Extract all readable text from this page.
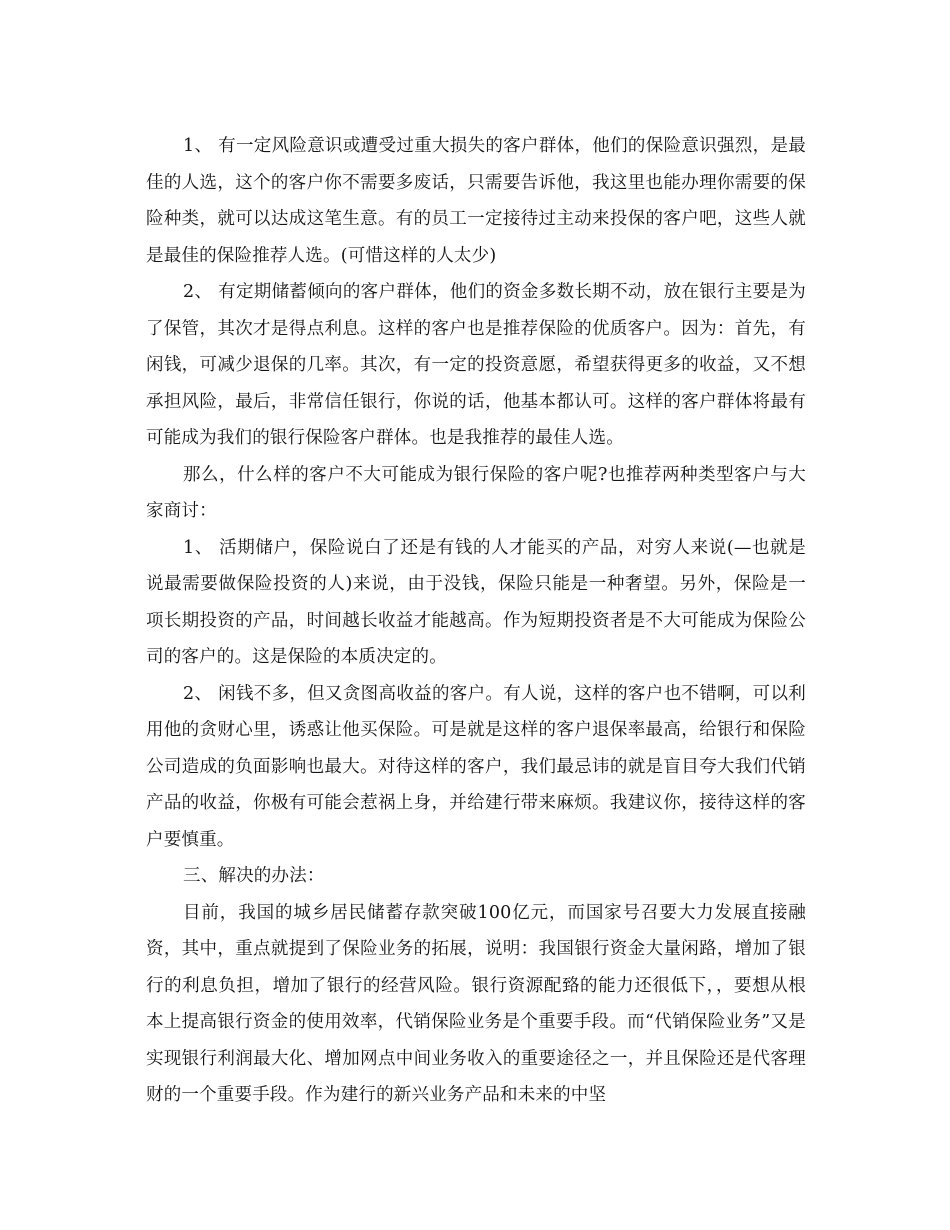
1、 有一定风险意识或遭受过重大损失的客户群体，他们的保险意识强烈，是最佳的人选，这个的客户你不需要多废话，只需要告诉他，我这里也能办理你需要的保险种类，就可以达成这笔生意。有的员工一定接待过主动来投保的客户吧，这些人就是最佳的保险推荐人选。(可惜这样的人太少)

2、 有定期储蓄倾向的客户群体，他们的资金多数长期不动，放在银行主要是为了保管，其次才是得点利息。这样的客户也是推荐保险的优质客户。因为：首先，有闲钱，可减少退保的几率。其次，有一定的投资意愿，希望获得更多的收益，又不想承担风险，最后，非常信任银行，你说的话，他基本都认可。这样的客户群体将最有可能成为我们的银行保险客户群体。也是我推荐的最佳人选。

那么，什么样的客户不大可能成为银行保险的客户呢?也推荐两种类型客户与大家商讨：

1、 活期储户，保险说白了还是有钱的人才能买的产品，对穷人来说(—也就是说最需要做保险投资的人)来说，由于没钱，保险只能是一种奢望。另外，保险是一项长期投资的产品，时间越长收益才能越高。作为短期投资者是不大可能成为保险公司的客户的。这是保险的本质决定的。

2、 闲钱不多，但又贪图高收益的客户。有人说，这样的客户也不错啊，可以利用他的贪财心里，诱惑让他买保险。可是就是这样的客户退保率最高，给银行和保险公司造成的负面影响也最大。对待这样的客户，我们最忌讳的就是盲目夸大我们代销产品的收益，你极有可能会惹祸上身，并给建行带来麻烦。我建议你，接待这样的客户要慎重。

三、解决的办法：

目前，我国的城乡居民储蓄存款突破100亿元，而国家号召要大力发展直接融资，其中，重点就提到了保险业务的拓展，说明：我国银行资金大量闲路，增加了银行的利息负担，增加了银行的经营风险。银行资源配臵的能力还很低下，，要想从根本上提高银行资金的使用效率，代销保险业务是个重要手段。而“代销保险业务”又是实现银行利润最大化、增加网点中间业务收入的重要途径之一，并且保险还是代客理财的一个重要手段。作为建行的新兴业务产品和未来的中坚
